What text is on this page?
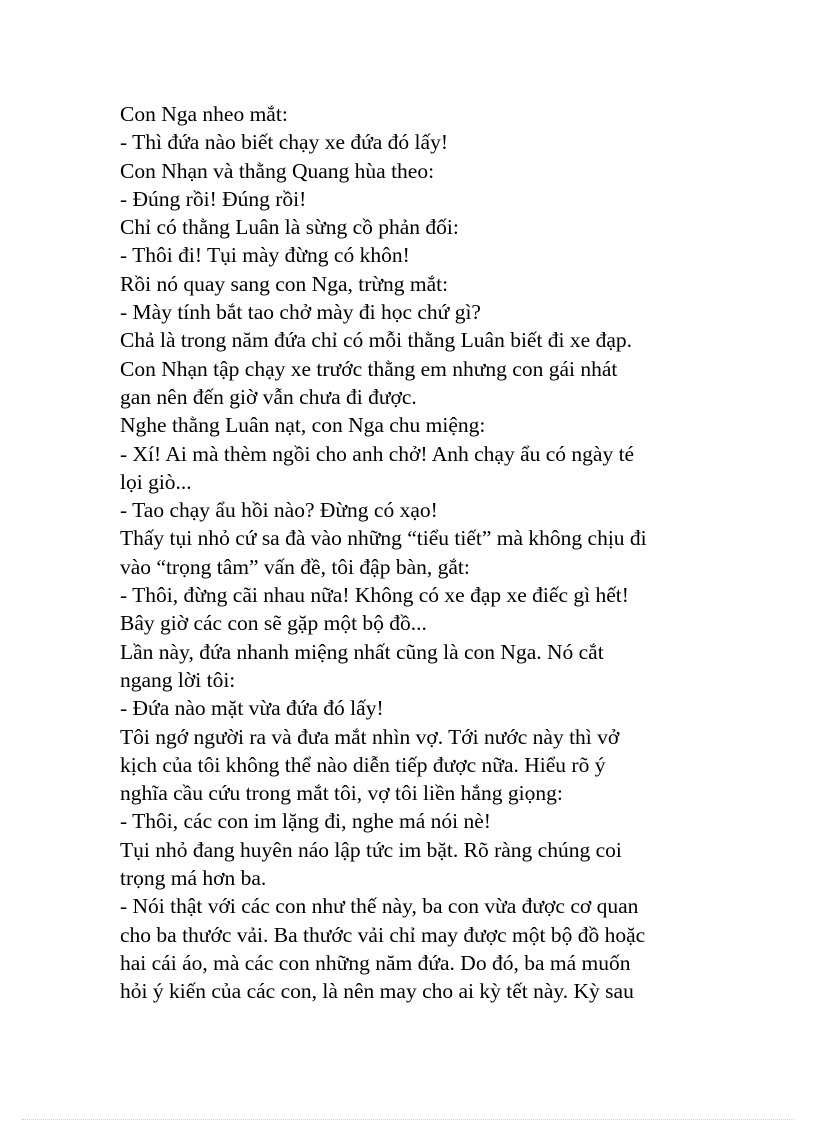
Con Nga nheo mắt:
- Thì đứa nào biết chạy xe đứa đó lấy!
Con Nhạn và thằng Quang hùa theo:
- Đúng rồi! Đúng rồi!
Chỉ có thằng Luân là sừng cồ phản đối:
- Thôi đi! Tụi mày đừng có khôn!
Rồi nó quay sang con Nga, trừng mắt:
- Mày tính bắt tao chở mày đi học chứ gì?
Chả là trong năm đứa chỉ có mỗi thằng Luân biết đi xe đạp.
Con Nhạn tập chạy xe trước thằng em nhưng con gái nhát
gan nên đến giờ vẫn chưa đi được.
Nghe thằng Luân nạt, con Nga chu miệng:
- Xí! Ai mà thèm ngồi cho anh chở! Anh chạy ẩu có ngày té
lọi giò...
- Tao chạy ẩu hồi nào? Đừng có xạo!
Thấy tụi nhỏ cứ sa đà vào những “tiểu tiết” mà không chịu đi
vào “trọng tâm” vấn đề, tôi đập bàn, gắt:
- Thôi, đừng cãi nhau nữa! Không có xe đạp xe điếc gì hết!
Bây giờ các con sẽ gặp một bộ đồ...
Lần này, đứa nhanh miệng nhất cũng là con Nga. Nó cắt
ngang lời tôi:
- Đứa nào mặt vừa đứa đó lấy!
Tôi ngớ người ra và đưa mắt nhìn vợ. Tới nước này thì vở
kịch của tôi không thể nào diễn tiếp được nữa. Hiểu rõ ý
nghĩa cầu cứu trong mắt tôi, vợ tôi liền hắng giọng:
- Thôi, các con im lặng đi, nghe má nói nè!
Tụi nhỏ đang huyên náo lập tức im bặt. Rõ ràng chúng coi
trọng má hơn ba.
- Nói thật với các con như thế này, ba con vừa được cơ quan
cho ba thước vải. Ba thước vải chỉ may được một bộ đồ hoặc
hai cái áo, mà các con những năm đứa. Do đó, ba má muốn
hỏi ý kiến của các con, là nên may cho ai kỳ tết này. Kỳ sau
